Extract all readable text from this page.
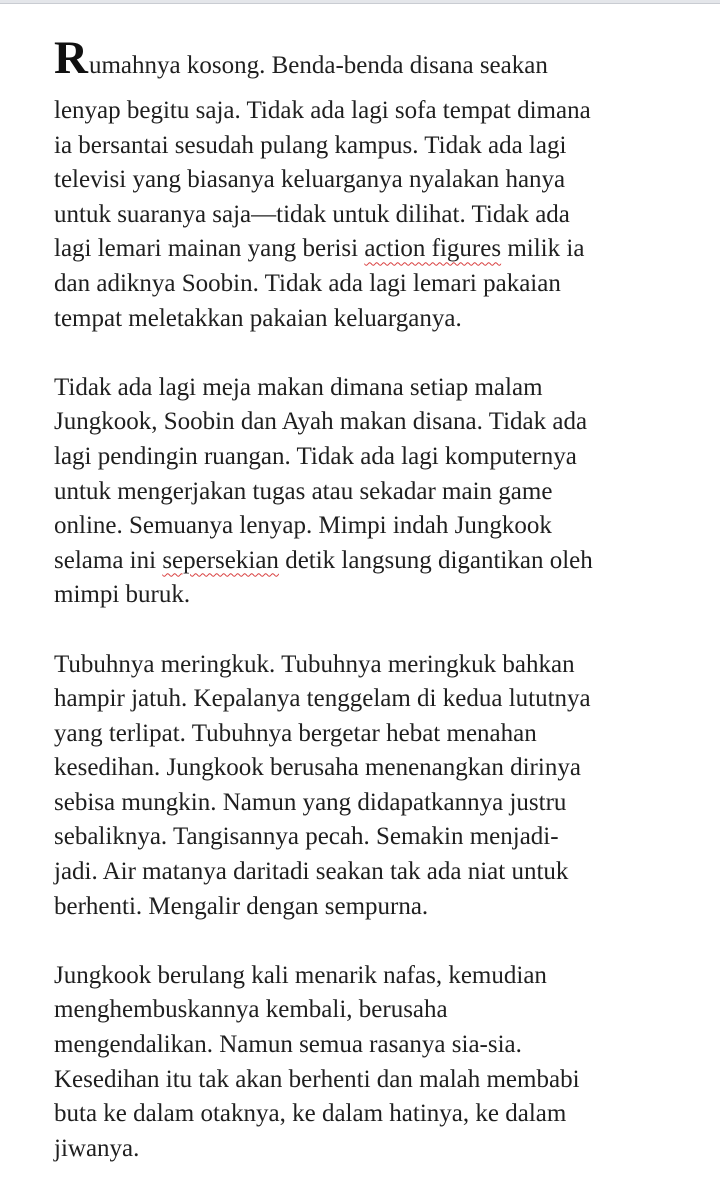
Rumahnya kosong. Benda-benda disana seakan
lenyap begitu saja. Tidak ada lagi sofa tempat dimana
ia bersantai sesudah pulang kampus. Tidak ada lagi
televisi yang biasanya keluarganya nyalakan hanya
untuk suaranya saja—tidak untuk dilihat. Tidak ada
lagi lemari mainan yang berisi action figures milik ia
dan adiknya Soobin. Tidak ada lagi lemari pakaian
tempat meletakkan pakaian keluarganya.

Tidak ada lagi meja makan dimana setiap malam
Jungkook, Soobin dan Ayah makan disana. Tidak ada
lagi pendingin ruangan. Tidak ada lagi komputernya
untuk mengerjakan tugas atau sekadar main game
online. Semuanya lenyap. Mimpi indah Jungkook
selama ini sepersekian detik langsung digantikan oleh
mimpi buruk.

Tubuhnya meringkuk. Tubuhnya meringkuk bahkan
hampir jatuh. Kepalanya tenggelam di kedua lututnya
yang terlipat. Tubuhnya bergetar hebat menahan
kesedihan. Jungkook berusaha menenangkan dirinya
sebisa mungkin. Namun yang didapatkannya justru
sebaliknya. Tangisannya pecah. Semakin menjadi-
jadi. Air matanya daritadi seakan tak ada niat untuk
berhenti. Mengalir dengan sempurna.

Jungkook berulang kali menarik nafas, kemudian
menghembuskannya kembali, berusaha
mengendalikan. Namun semua rasanya sia-sia.
Kesedihan itu tak akan berhenti dan malah membabi
buta ke dalam otaknya, ke dalam hatinya, ke dalam
jiwanya.
